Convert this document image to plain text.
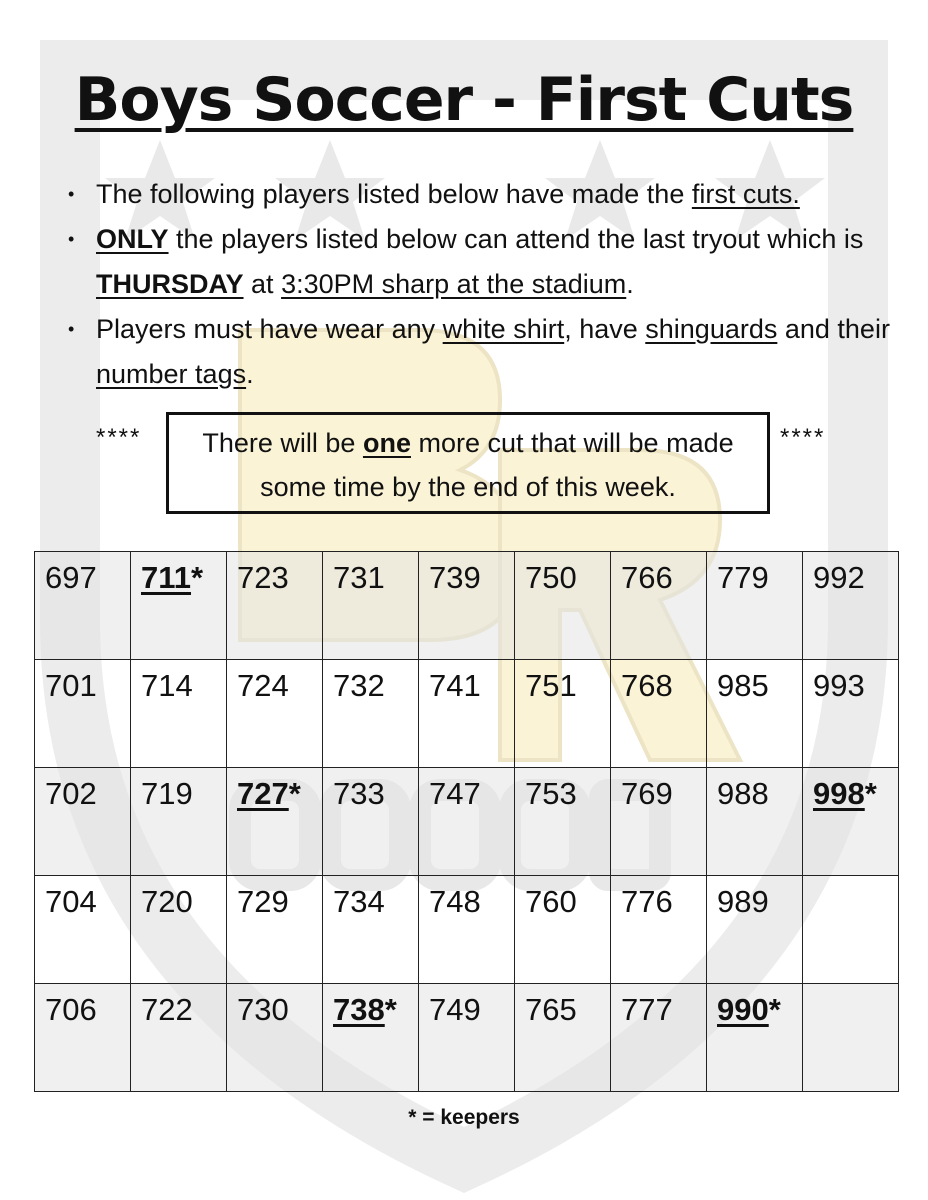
Boys Soccer - First Cuts
• The following players listed below have made the first cuts.
• ONLY the players listed below can attend the last tryout which is THURSDAY at 3:30PM sharp at the stadium.
• Players must have wear any white shirt, have shinguards and their number tags.
****	There will be one more cut that will be made some time by the end of this week.
****
697	711*	723	731	739	750	766	779	992
701	714	724	732	741	751	768	985	993
702	719	727*	733	747	753	769	988	998*
704	720	729	734	748	760	776	989	
706	722	730	738*	749	765	777	990*	
* = keepers
